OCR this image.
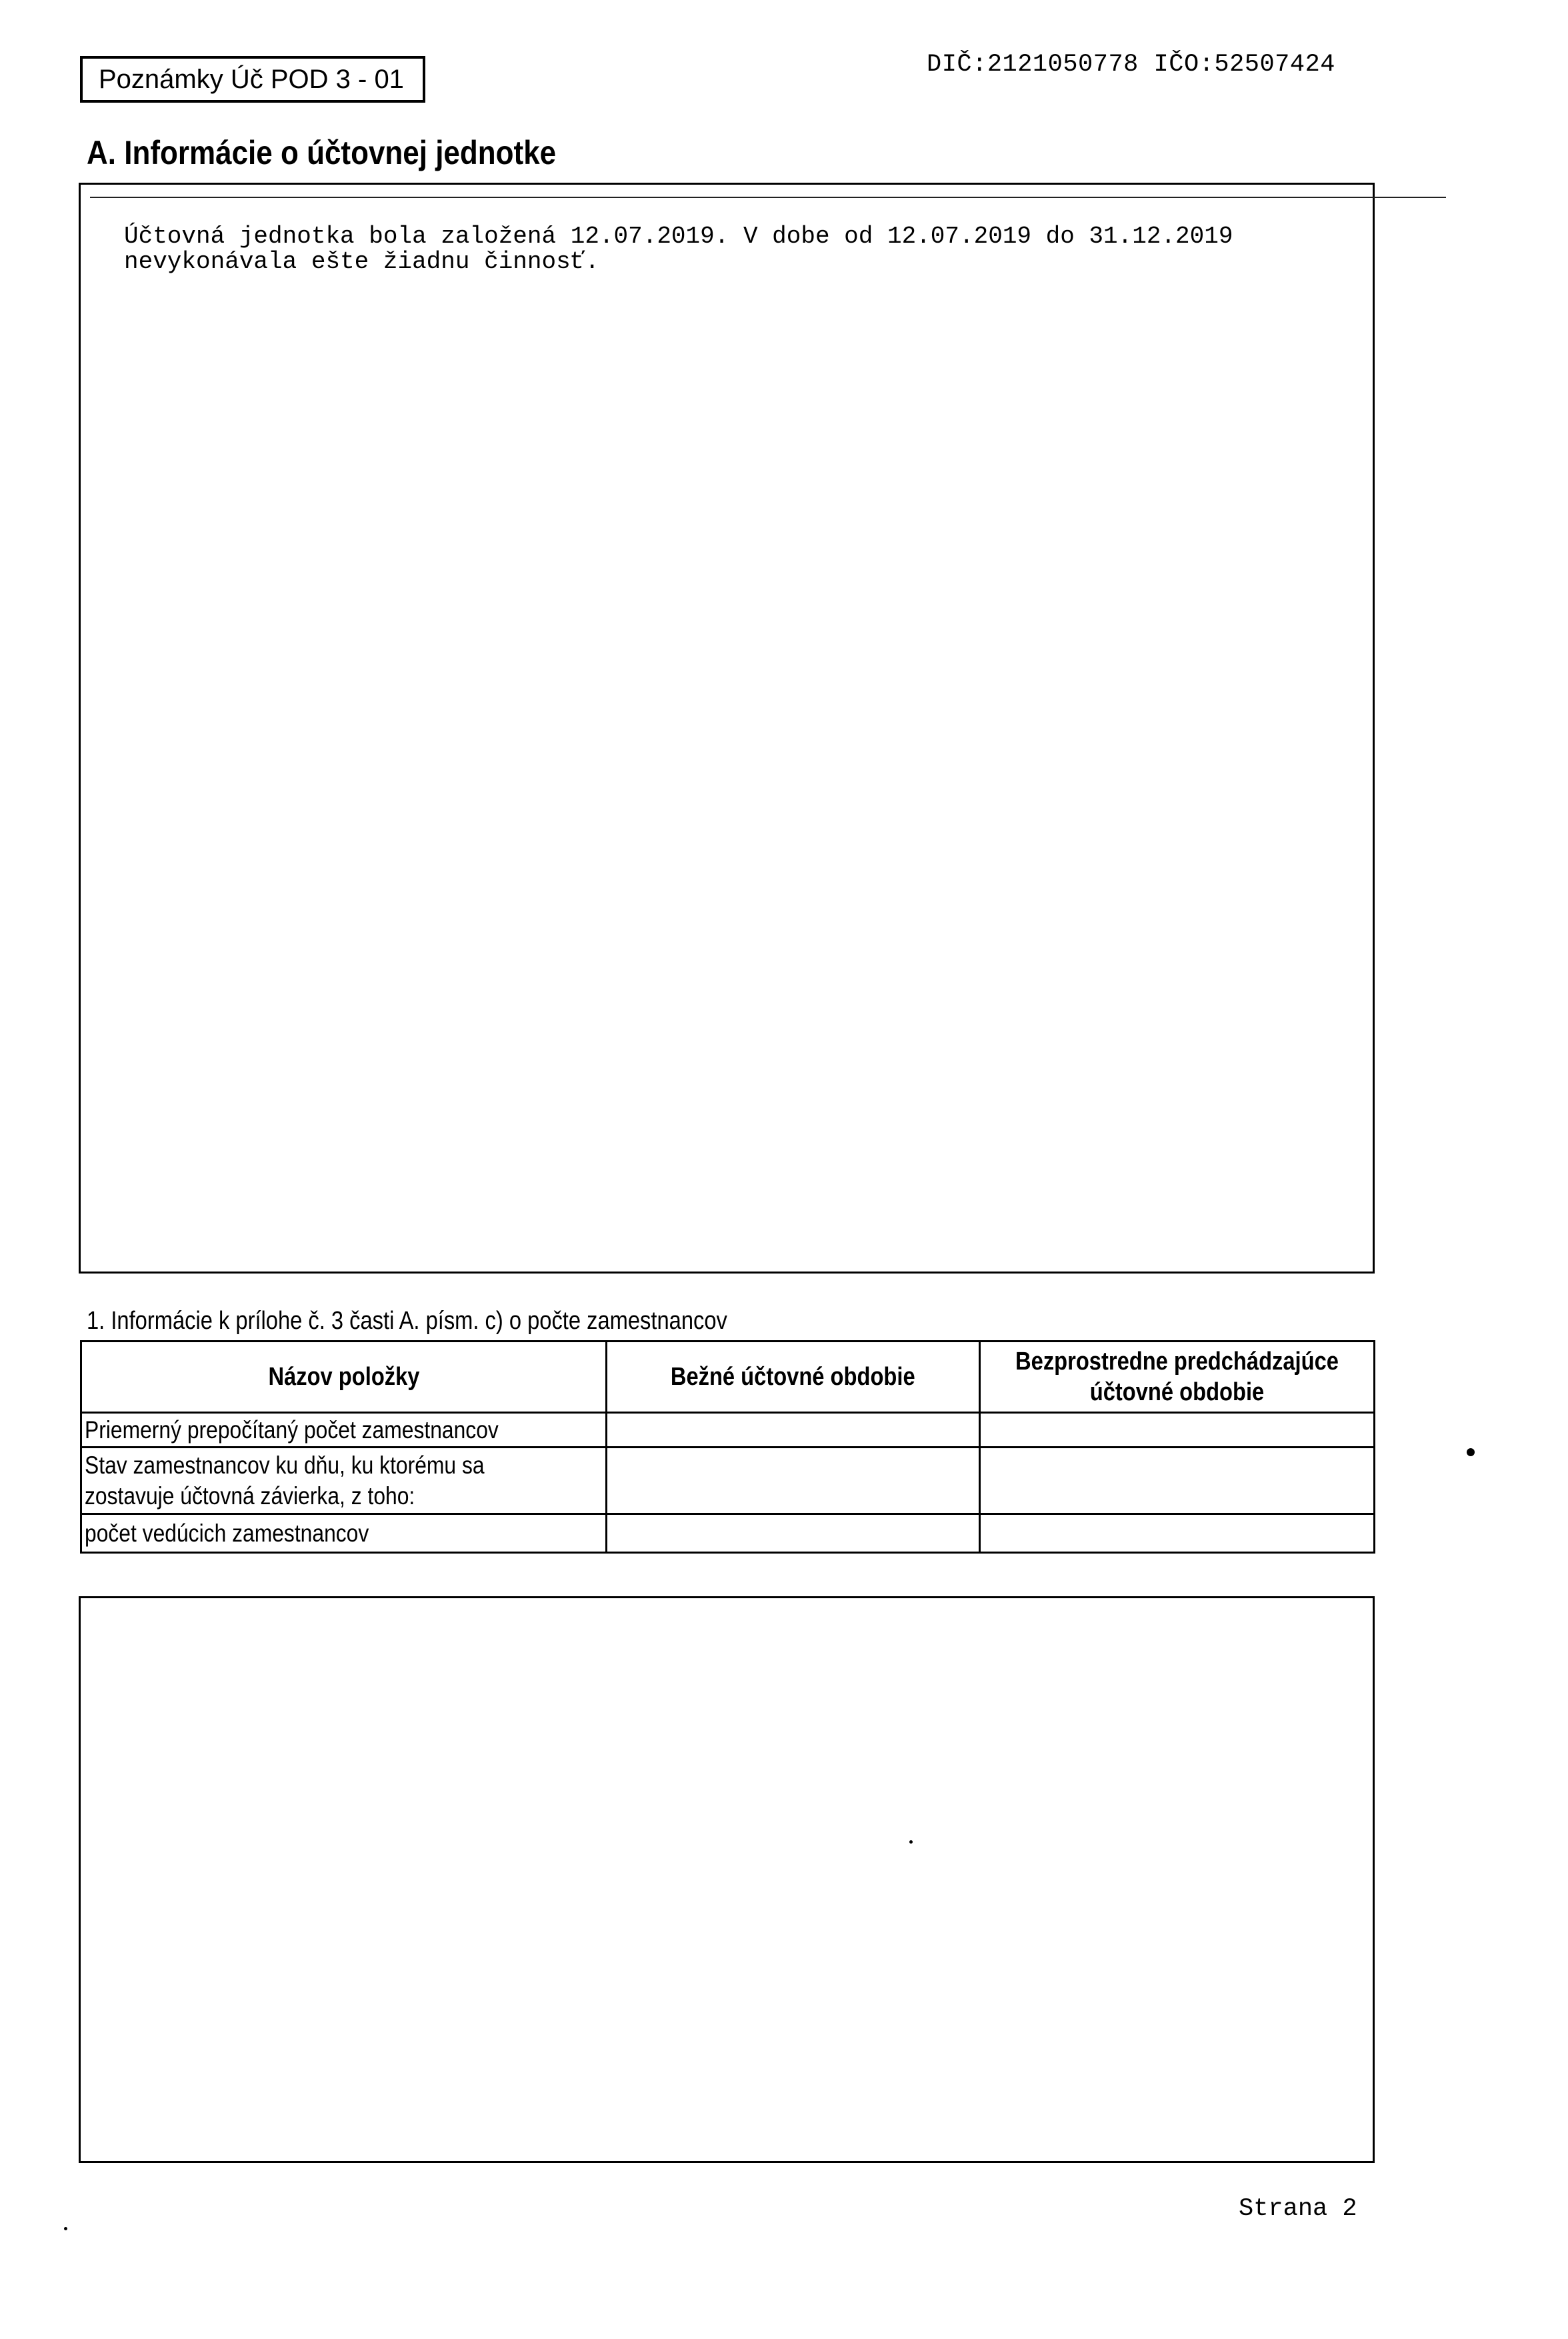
Poznámky Úč POD 3 - 01	DIČ:2121050778 IČO:52507424
A. Informácie o účtovnej jednotke
Účtovná jednotka bola založená 12.07.2019. V dobe od 12.07.2019 do 31.12.2019
nevykonávala ešte žiadnu činnosť.
1. Informácie k prílohe č. 3 časti A. písm. c) o počte zamestnancov
Názov položky	Bežné účtovné obdobie	Bezprostredne predchádzajúce účtovné obdobie
Priemerný prepočítaný počet zamestnancov		
Stav zamestnancov ku dňu, ku ktorému sa
zostavuje účtovná závierka, z toho:		
počet vedúcich zamestnancov		
Strana 2
